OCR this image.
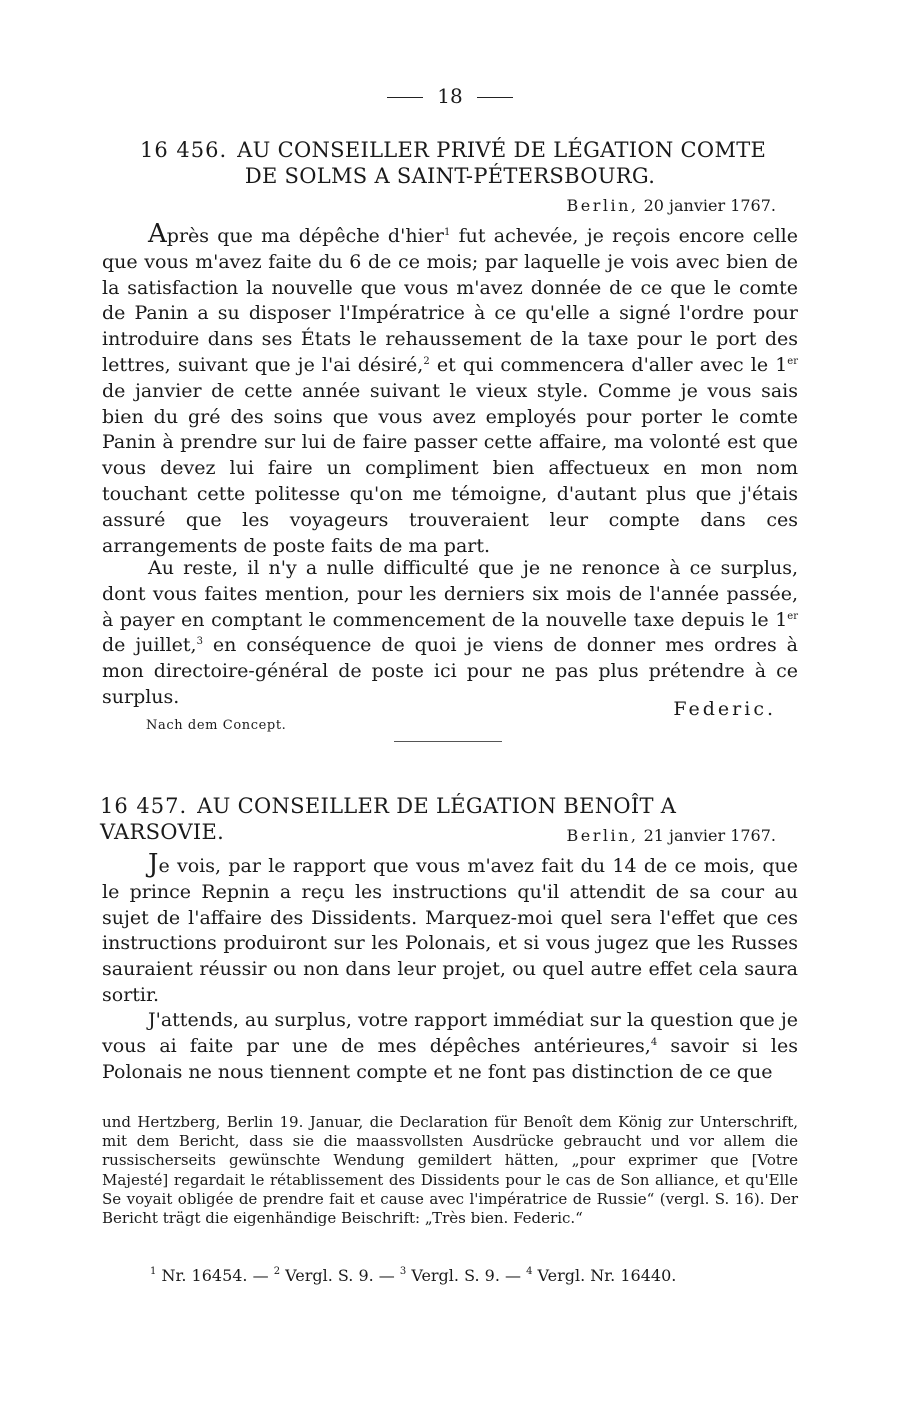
18
16 456. AU CONSEILLER PRIVÉ DE LÉGATION COMTE
DE SOLMS A SAINT-PÉTERSBOURG.
Berlin, 20 janvier 1767.

Après que ma dépêche d'hier$^1$ fut achevée, je reçois encore celle que vous m'avez faite du 6 de ce mois; par laquelle je vois avec bien de la satisfaction la nouvelle que vous m'avez donnée de ce que le comte de Panin a su disposer l'Impératrice à ce qu'elle a signé l'ordre pour introduire dans ses États le rehaussement de la taxe pour le port des lettres, suivant que je l'ai désiré,$^2$ et qui commencera d'aller avec le 1er de janvier de cette année suivant le vieux style. Comme je vous sais bien du gré des soins que vous avez employés pour porter le comte Panin à prendre sur lui de faire passer cette affaire, ma volonté est que vous devez lui faire un compliment bien affectueux en mon nom touchant cette politesse qu'on me témoigne, d'autant plus que j'étais assuré que les voyageurs trouveraient leur compte dans ces arrangements de poste faits de ma part.

Au reste, il n'y a nulle difficulté que je ne renonce à ce surplus, dont vous faites mention, pour les derniers six mois de l'année passée, à payer en comptant le commencement de la nouvelle taxe depuis le 1er de juillet,$^3$ en conséquence de quoi je viens de donner mes ordres à mon directoire-général de poste ici pour ne pas plus prétendre à ce surplus.

Federic.
Nach dem Concept.
16 457. AU CONSEILLER DE LÉGATION BENOÎT A VARSOVIE.	Berlin, 21 janvier 1767.

Je vois, par le rapport que vous m'avez fait du 14 de ce mois, que le prince Repnin a reçu les instructions qu'il attendit de sa cour au sujet de l'affaire des Dissidents. Marquez-moi quel sera l'effet que ces instructions produiront sur les Polonais, et si vous jugez que les Russes sauraient réussir ou non dans leur projet, ou quel autre effet cela saura sortir.

J'attends, au surplus, votre rapport immédiat sur la question que je vous ai faite par une de mes dépêches antérieures,$^4$ savoir si les Polonais ne nous tiennent compte et ne font pas distinction de ce que

und Hertzberg, Berlin 19. Januar, die Declaration für Benoît dem König zur Unterschrift, mit dem Bericht, dass sie die maassvollsten Ausdrücke gebraucht und vor allem die russischerseits gewünschte Wendung gemildert hätten, „pour exprimer que [Votre Majesté] regardait le rétablissement des Dissidents pour le cas de Son alliance, et qu'Elle Se voyait obligée de prendre fait et cause avec l'impératrice de Russie“ (vergl. S. 16). Der Bericht trägt die eigenhändige Beischrift: „Très bien. Federic.“

$^1$ Nr. 16454. — $^2$ Vergl. S. 9. — $^3$ Vergl. S. 9. — $^4$ Vergl. Nr. 16440.
